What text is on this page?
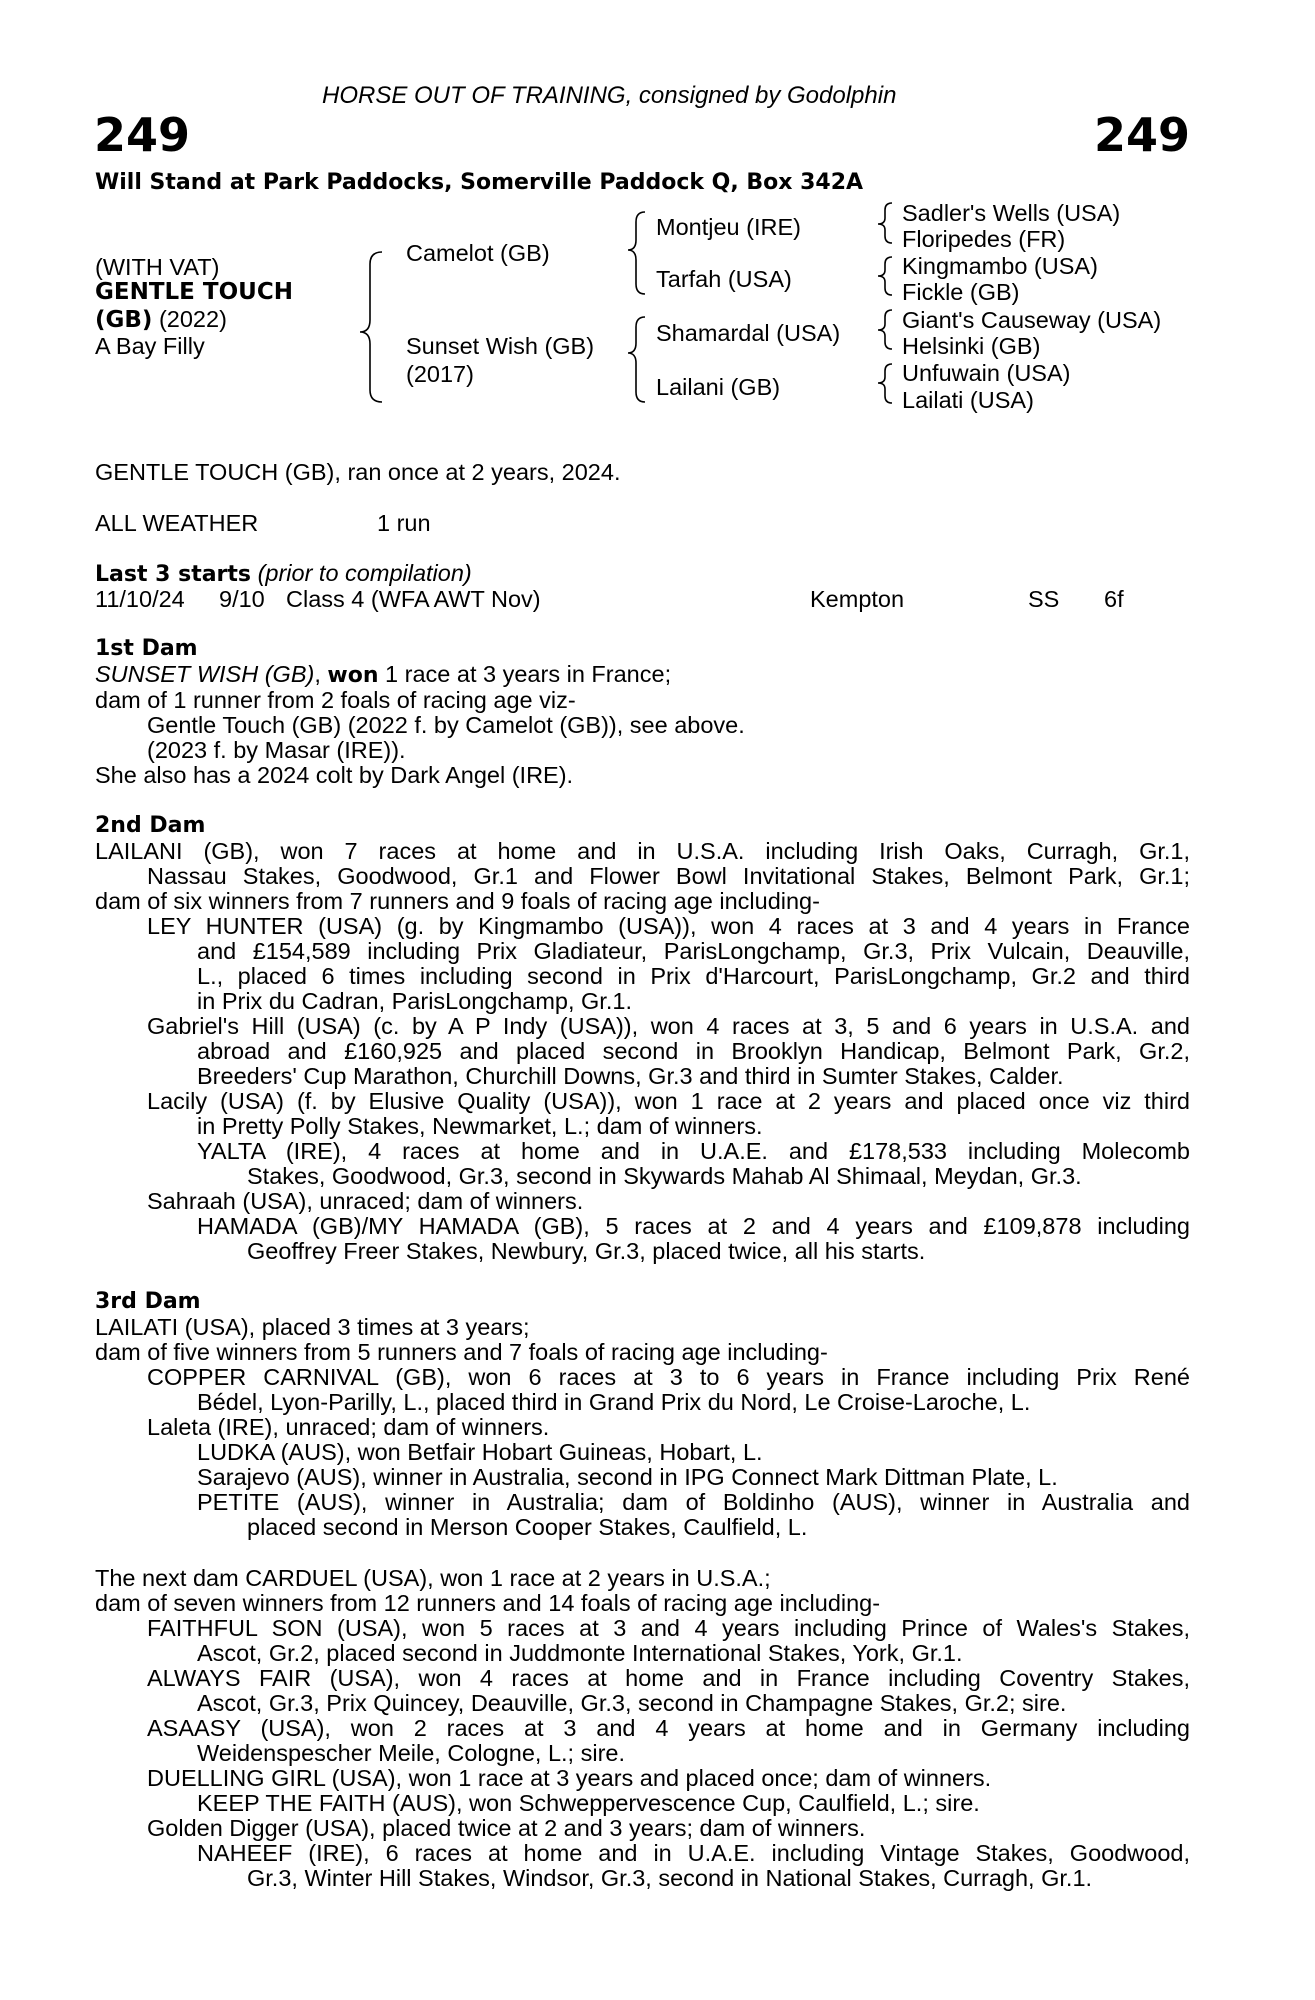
HORSE OUT OF TRAINING, consigned by Godolphin
249	249
Will Stand at Park Paddocks, Somerville Paddock Q, Box 342A
(WITH VAT)
GENTLE TOUCH
(GB) (2022)
A Bay Filly
Camelot (GB)
Sunset Wish (GB)
(2017)
Montjeu (IRE)
Tarfah (USA)
Shamardal (USA)
Lailani (GB)
Sadler's Wells (USA)
Floripedes (FR)
Kingmambo (USA)
Fickle (GB)
Giant's Causeway (USA)
Helsinki (GB)
Unfuwain (USA)
Lailati (USA)
GENTLE TOUCH (GB), ran once at 2 years, 2024.
ALL WEATHER	1 run
Last 3 starts (prior to compilation)
11/10/24 9/10 Class 4 (WFA AWT Nov)	Kempton	SS 6f
1st Dam
SUNSET WISH (GB), won 1 race at 3 years in France;
dam of 1 runner from 2 foals of racing age viz-
Gentle Touch (GB) (2022 f. by Camelot (GB)), see above.
(2023 f. by Masar (IRE)).
She also has a 2024 colt by Dark Angel (IRE).
2nd Dam
LAILANI (GB), won 7 races at home and in U.S.A. including Irish Oaks, Curragh, Gr.1,
Nassau Stakes, Goodwood, Gr.1 and Flower Bowl Invitational Stakes, Belmont Park, Gr.1;
dam of six winners from 7 runners and 9 foals of racing age including-
LEY HUNTER (USA) (g. by Kingmambo (USA)), won 4 races at 3 and 4 years in France
and £154,589 including Prix Gladiateur, ParisLongchamp, Gr.3, Prix Vulcain, Deauville,
L., placed 6 times including second in Prix d'Harcourt, ParisLongchamp, Gr.2 and third
in Prix du Cadran, ParisLongchamp, Gr.1.
Gabriel's Hill (USA) (c. by A P Indy (USA)), won 4 races at 3, 5 and 6 years in U.S.A. and
abroad and £160,925 and placed second in Brooklyn Handicap, Belmont Park, Gr.2,
Breeders' Cup Marathon, Churchill Downs, Gr.3 and third in Sumter Stakes, Calder.
Lacily (USA) (f. by Elusive Quality (USA)), won 1 race at 2 years and placed once viz third
in Pretty Polly Stakes, Newmarket, L.; dam of winners.
YALTA (IRE), 4 races at home and in U.A.E. and £178,533 including Molecomb
Stakes, Goodwood, Gr.3, second in Skywards Mahab Al Shimaal, Meydan, Gr.3.
Sahraah (USA), unraced; dam of winners.
HAMADA (GB)/MY HAMADA (GB), 5 races at 2 and 4 years and £109,878 including
Geoffrey Freer Stakes, Newbury, Gr.3, placed twice, all his starts.
3rd Dam
LAILATI (USA), placed 3 times at 3 years;
dam of five winners from 5 runners and 7 foals of racing age including-
COPPER CARNIVAL (GB), won 6 races at 3 to 6 years in France including Prix René
Bédel, Lyon-Parilly, L., placed third in Grand Prix du Nord, Le Croise-Laroche, L.
Laleta (IRE), unraced; dam of winners.
LUDKA (AUS), won Betfair Hobart Guineas, Hobart, L.
Sarajevo (AUS), winner in Australia, second in IPG Connect Mark Dittman Plate, L.
PETITE (AUS), winner in Australia; dam of Boldinho (AUS), winner in Australia and
placed second in Merson Cooper Stakes, Caulfield, L.
The next dam CARDUEL (USA), won 1 race at 2 years in U.S.A.;
dam of seven winners from 12 runners and 14 foals of racing age including-
FAITHFUL SON (USA), won 5 races at 3 and 4 years including Prince of Wales's Stakes,
Ascot, Gr.2, placed second in Juddmonte International Stakes, York, Gr.1.
ALWAYS FAIR (USA), won 4 races at home and in France including Coventry Stakes,
Ascot, Gr.3, Prix Quincey, Deauville, Gr.3, second in Champagne Stakes, Gr.2; sire.
ASAASY (USA), won 2 races at 3 and 4 years at home and in Germany including
Weidenspescher Meile, Cologne, L.; sire.
DUELLING GIRL (USA), won 1 race at 3 years and placed once; dam of winners.
KEEP THE FAITH (AUS), won Schweppervescence Cup, Caulfield, L.; sire.
Golden Digger (USA), placed twice at 2 and 3 years; dam of winners.
NAHEEF (IRE), 6 races at home and in U.A.E. including Vintage Stakes, Goodwood,
Gr.3, Winter Hill Stakes, Windsor, Gr.3, second in National Stakes, Curragh, Gr.1.
